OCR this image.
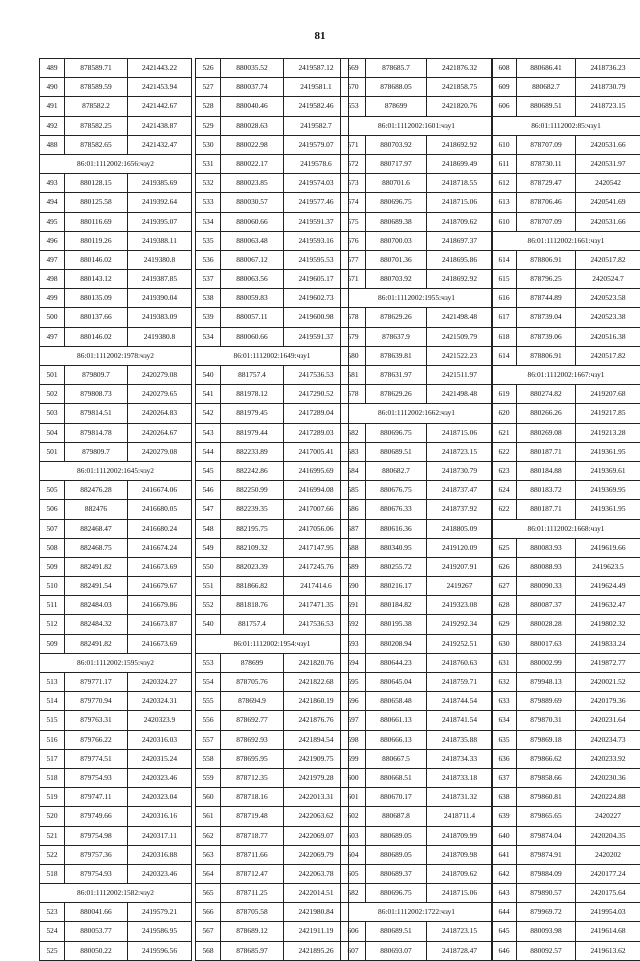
81
489	878589.71	2421443.22
490	878589.59	2421453.94
491	878582.2	2421442.67
492	878582.25	2421438.87
488	878582.65	2421432.47
86:01:1112002:1656:чзу2
493	880128.15	2419385.69
494	880125.58	2419392.64
495	880116.69	2419395.07
496	880119.26	2419388.11
497	880146.02	2419380.8
498	880143.12	2419387.85
499	880135.09	2419390.04
500	880137.66	2419383.09
497	880146.02	2419380.8
86:01:1112002:1978:чзу2
501	879809.7	2420279.08
502	879808.73	2420279.65
503	879814.51	2420264.83
504	879814.78	2420264.67
501	879809.7	2420279.08
86:01:1112002:1645:чзу2
505	882476.28	2416674.06
506	882476	2416680.05
507	882468.47	2416680.24
508	882468.75	2416674.24
509	882491.82	2416673.69
510	882491.54	2416679.67
511	882484.03	2416679.86
512	882484.32	2416673.87
509	882491.82	2416673.69
86:01:1112002:1595:чзу2
513	879771.17	2420324.27
514	879770.94	2420324.31
515	879763.31	2420323.9
516	879766.22	2420316.03
517	879774.51	2420315.24
518	879754.93	2420323.46
519	879747.11	2420323.04
520	879749.66	2420316.16
521	879754.98	2420317.11
522	879757.36	2420316.88
518	879754.93	2420323.46
86:01:1112002:1582:чзу2
523	880041.66	2419579.21
524	880053.77	2419586.95
525	880050.22	2419596.56
526	880035.52	2419587.12
527	880037.74	2419581.1
528	880040.46	2419582.46
529	880028.63	2419582.7
530	880022.98	2419579.07
531	880022.17	2419578.6
532	880023.85	2419574.03
533	880030.57	2419577.46
534	880060.66	2419591.37
535	880063.48	2419593.16
536	880067.12	2419595.53
537	880063.56	2419605.17
538	880059.83	2419602.73
539	880057.11	2419600.98
534	880060.66	2419591.37
86:01:1112002:1649:чзу1
540	881757.4	2417536.53
541	881978.12	2417290.52
542	881979.45	2417289.04
543	881979.44	2417289.03
544	882233.89	2417005.41
545	882242.86	2416995.69
546	882250.99	2416994.08
547	882239.35	2417007.66
548	882195.75	2417056.06
549	882109.32	2417147.95
550	882023.39	2417245.76
551	881866.82	2417414.6
552	881818.76	2417471.35
540	881757.4	2417536.53
86:01:1112002:1954:чзу1
553	878699	2421820.76
554	878705.76	2421822.68
555	878694.9	2421860.19
556	878692.77	2421876.76
557	878692.93	2421894.54
558	878695.95	2421909.75
559	878712.35	2421979.28
560	878718.16	2422013.31
561	878719.48	2422063.62
562	878718.77	2422069.07
563	878711.66	2422069.79
564	878712.47	2422063.78
565	878711.25	2422014.51
566	878705.58	2421980.84
567	878689.12	2421911.19
568	878685.97	2421895.26
569	878685.7	2421876.32
570	878688.05	2421858.75
553	878699	2421820.76
86:01:1112002:1601:чзу1
571	880703.92	2418692.92
572	880717.97	2418699.49
573	880701.6	2418718.55
574	880696.75	2418715.06
575	880689.38	2418709.62
576	880700.03	2418697.37
577	880701.36	2418695.86
571	880703.92	2418692.92
86:01:1112002:1955:чзу1
578	878629.26	2421498.48
579	878637.9	2421509.79
580	878639.81	2421522.23
581	878631.97	2421511.97
578	878629.26	2421498.48
86:01:1112002:1662:чзу1
582	880696.75	2418715.06
583	880689.51	2418723.15
584	880682.7	2418730.79
585	880676.75	2418737.47
586	880676.33	2418737.92
587	880616.36	2418805.09
588	880340.95	2419120.09
589	880255.72	2419207.91
590	880216.17	2419267
591	880184.82	2419323.08
592	880195.38	2419292.34
593	880208.94	2419252.51
594	880644.23	2418760.63
595	880645.04	2418759.71
596	880658.48	2418744.54
597	880661.13	2418741.54
598	880666.13	2418735.88
599	880667.5	2418734.33
600	880668.51	2418733.18
601	880670.17	2418731.32
602	880687.8	2418711.4
603	880689.05	2418709.99
604	880689.05	2418709.98
605	880689.37	2418709.62
582	880696.75	2418715.06
86:01:1112002:1722:чзу1
606	880689.51	2418723.15
607	880693.07	2418728.47
608	880686.41	2418736.23
609	880682.7	2418730.79
606	880689.51	2418723.15
86:01:1112002:85:чзу1
610	878707.09	2420531.66
611	878730.11	2420531.97
612	878729.47	2420542
613	878706.46	2420541.69
610	878707.09	2420531.66
86:01:1112002:1661:чзу1
614	878806.91	2420517.82
615	878796.25	2420524.7
616	878744.89	2420523.58
617	878739.04	2420523.38
618	878739.06	2420516.38
614	878806.91	2420517.82
86:01:1112002:1667:чзу1
619	880274.82	2419207.68
620	880266.26	2419217.85
621	880269.08	2419213.28
622	880187.71	2419361.95
623	880184.88	2419369.61
624	880183.72	2419369.95
622	880187.71	2419361.95
86:01:1112002:1668:чзу1
625	880083.93	2419619.66
626	880088.93	2419623.5
627	880090.33	2419624.49
628	880087.37	2419632.47
629	880028.28	2419802.32
630	880017.63	2419833.24
631	880002.99	2419872.77
632	879948.13	2420021.52
633	879889.69	2420179.36
634	879870.31	2420231.64
635	879869.18	2420234.73
636	879866.62	2420233.92
637	879858.66	2420230.36
638	879860.81	2420224.88
639	879865.65	2420227
640	879874.04	2420204.35
641	879874.91	2420202
642	879884.09	2420177.24
643	879890.57	2420175.64
644	879969.72	2419954.03
645	880093.98	2419614.68
646	880092.57	2419613.62
